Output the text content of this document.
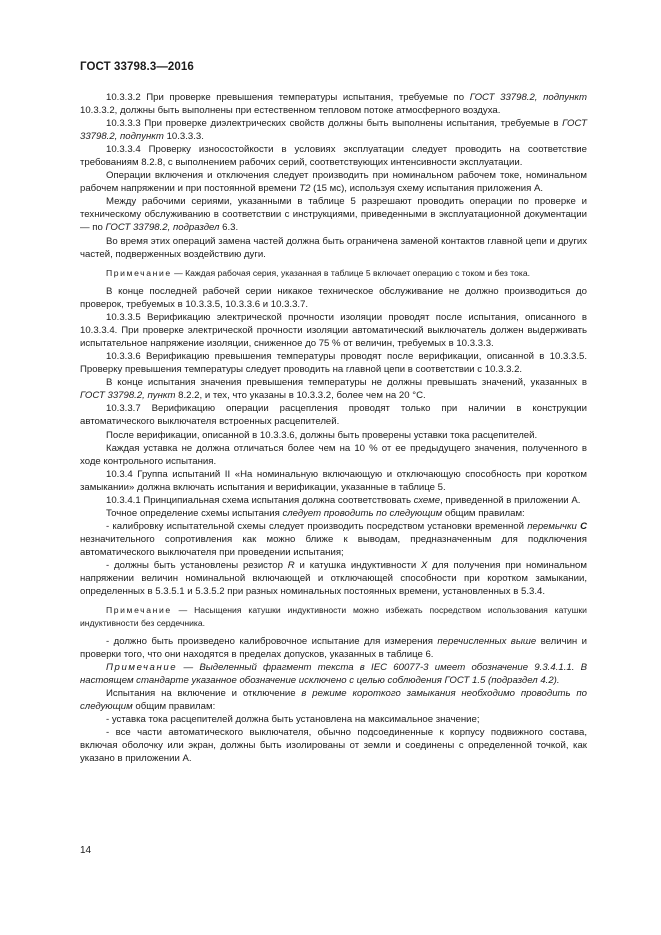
ГОСТ 33798.3—2016

10.3.3.2 При проверке превышения температуры испытания, требуемые по ГОСТ 33798.2, подпункт 10.3.3.2, должны быть выполнены при естественном тепловом потоке атмосферного воздуха.

10.3.3.3 При проверке диэлектрических свойств должны быть выполнены испытания, требуемые в ГОСТ 33798.2, подпункт 10.3.3.3.

10.3.3.4 Проверку износостойкости в условиях эксплуатации следует проводить на соответствие требованиям 8.2.8, с выполнением рабочих серий, соответствующих интенсивности эксплуатации.

Операции включения и отключения следует производить при номинальном рабочем токе, номинальном рабочем напряжении и при постоянной времени T2 (15 мс), используя схему испытания приложения А.

Между рабочими сериями, указанными в таблице 5 разрешают проводить операции по проверке и техническому обслуживанию в соответствии с инструкциями, приведенными в эксплуатационной документации — по ГОСТ 33798.2, подраздел 6.3.

Во время этих операций замена частей должна быть ограничена заменой контактов главной цепи и других частей, подверженных воздействию дуги.

Примечание — Каждая рабочая серия, указанная в таблице 5 включает операцию с током и без тока.

В конце последней рабочей серии никакое техническое обслуживание не должно производиться до проверок, требуемых в 10.3.3.5, 10.3.3.6 и 10.3.3.7.

10.3.3.5 Верификацию электрической прочности изоляции проводят после испытания, описанного в 10.3.3.4. При проверке электрической прочности изоляции автоматический выключатель должен выдерживать испытательное напряжение изоляции, сниженное до 75 % от величин, требуемых в 10.3.3.3.

10.3.3.6 Верификацию превышения температуры проводят после верификации, описанной в 10.3.3.5. Проверку превышения температуры следует проводить на главной цепи в соответствии с 10.3.3.2.

В конце испытания значения превышения температуры не должны превышать значений, указанных в ГОСТ 33798.2, пункт 8.2.2, и тех, что указаны в 10.3.3.2, более чем на 20 °С.

10.3.3.7 Верификацию операции расцепления проводят только при наличии в конструкции автоматического выключателя встроенных расцепителей.

После верификации, описанной в 10.3.3.6, должны быть проверены уставки тока расцепителей.

Каждая уставка не должна отличаться более чем на 10 % от ее предыдущего значения, полученного в ходе контрольного испытания.

10.3.4 Группа испытаний II «На номинальную включающую и отключающую способность при коротком замыкании» должна включать испытания и верификации, указанные в таблице 5.

10.3.4.1 Принципиальная схема испытания должна соответствовать схеме, приведенной в приложении А.

Точное определение схемы испытания следует проводить по следующим общим правилам:

- калибровку испытательной схемы следует производить посредством установки временной перемычки C незначительного сопротивления как можно ближе к выводам, предназначенным для подключения автоматического выключателя при проведении испытания;

- должны быть установлены резистор R и катушка индуктивности X для получения при номинальном напряжении величин номинальной включающей и отключающей способности при коротком замыкании, определенных в 5.3.5.1 и 5.3.5.2 при разных номинальных постоянных времени, установленных в 5.3.4.

Примечание — Насыщения катушки индуктивности можно избежать посредством использования катушки индуктивности без сердечника.

- должно быть произведено калибровочное испытание для измерения перечисленных выше величин и проверки того, что они находятся в пределах допусков, указанных в таблице 6.

Примечание — Выделенный фрагмент текста в IEC 60077-3 имеет обозначение 9.3.4.1.1. В настоящем стандарте указанное обозначение исключено с целью соблюдения ГОСТ 1.5 (подраздел 4.2).

Испытания на включение и отключение в режиме короткого замыкания необходимо проводить по следующим общим правилам:

- уставка тока расцепителей должна быть установлена на максимальное значение;

- все части автоматического выключателя, обычно подсоединенные к корпусу подвижного состава, включая оболочку или экран, должны быть изолированы от земли и соединены с определенной точкой, как указано в приложении А.

14
